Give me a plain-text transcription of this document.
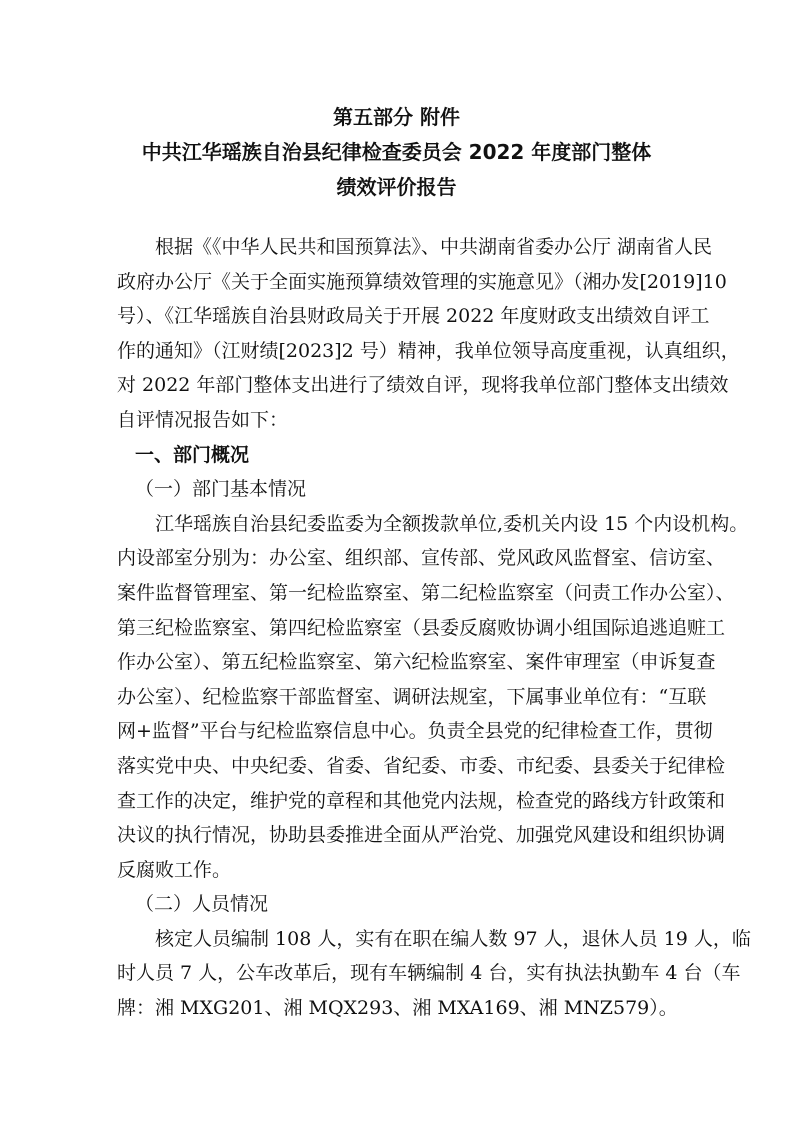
第五部分 附件
中共江华瑶族自治县纪律检查委员会 2022 年度部门整体
绩效评价报告
根据《《中华人民共和国预算法》、中共湖南省委办公厅 湖南省人民
政府办公厅《关于全面实施预算绩效管理的实施意见》（湘办发[2019]10
号）、《江华瑶族自治县财政局关于开展 2022 年度财政支出绩效自评工
作的通知》（江财绩[2023]2 号）精神，我单位领导高度重视，认真组织，
对 2022 年部门整体支出进行了绩效自评，现将我单位部门整体支出绩效
自评情况报告如下：
一、部门概况
（一）部门基本情况
江华瑶族自治县纪委监委为全额拨款单位,委机关内设 15 个内设机构。
内设部室分别为：办公室、组织部、宣传部、党风政风监督室、信访室、
案件监督管理室、第一纪检监察室、第二纪检监察室（问责工作办公室）、
第三纪检监察室、第四纪检监察室（县委反腐败协调小组国际追逃追赃工
作办公室）、第五纪检监察室、第六纪检监察室、案件审理室（申诉复查
办公室）、纪检监察干部监督室、调研法规室，下属事业单位有：“互联
网+监督”平台与纪检监察信息中心。负责全县党的纪律检查工作，贯彻
落实党中央、中央纪委、省委、省纪委、市委、市纪委、县委关于纪律检
查工作的决定，维护党的章程和其他党内法规，检查党的路线方针政策和
决议的执行情况，协助县委推进全面从严治党、加强党风建设和组织协调
反腐败工作。
（二）人员情况
核定人员编制 108 人，实有在职在编人数 97 人，退休人员 19 人，临
时人员 7 人，公车改革后，现有车辆编制 4 台，实有执法执勤车 4 台（车
牌：湘 MXG201、湘 MQX293、湘 MXA169、湘 MNZ579）。
